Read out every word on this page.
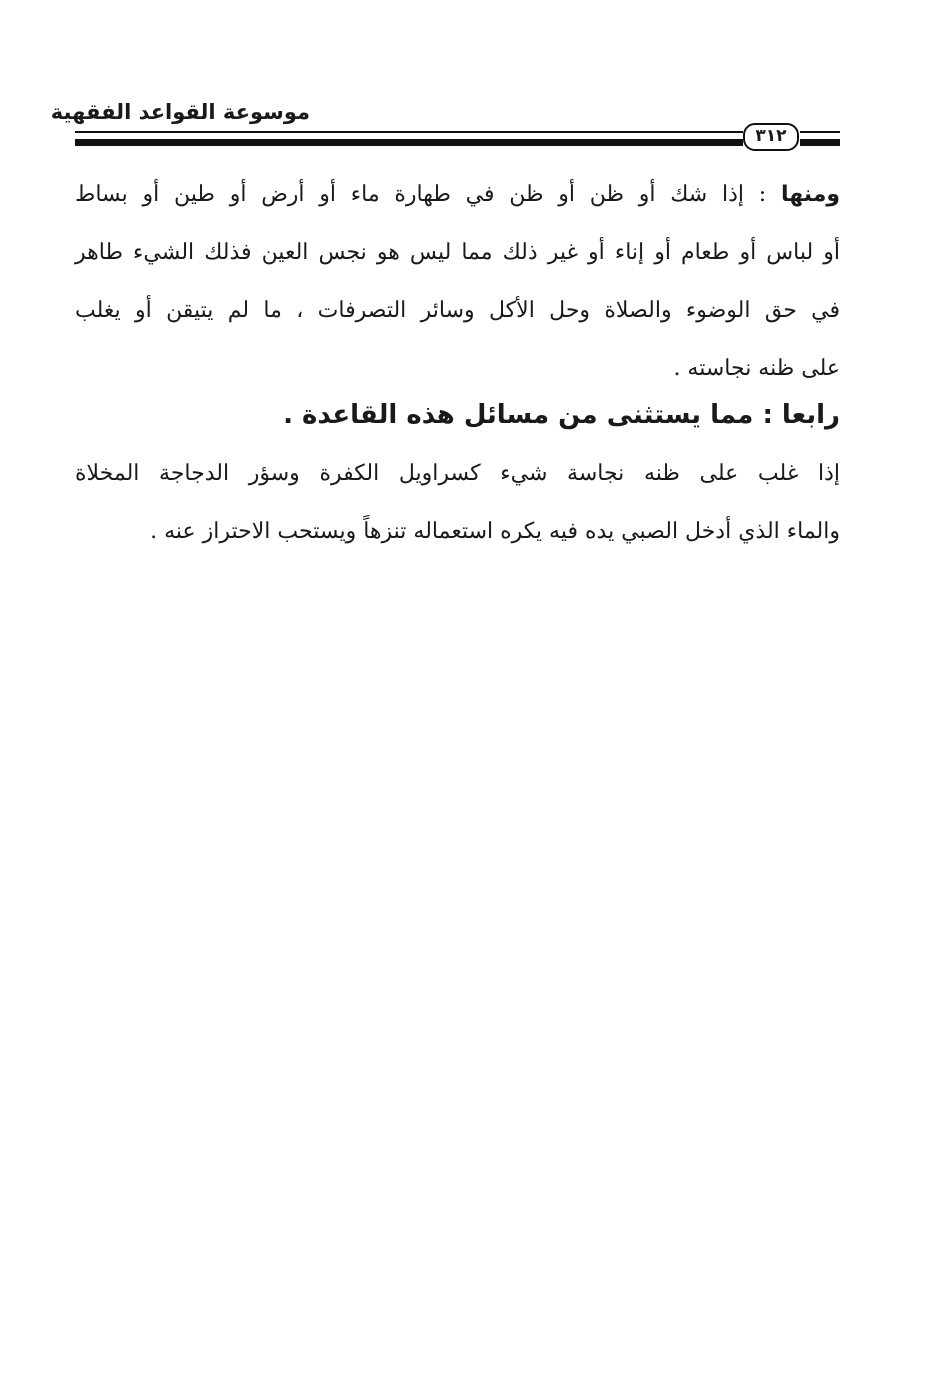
موسوعة القواعد الفقهية
٣١٢
ومنها : إذا شك أو ظن أو ظن في طهارة ماء أو أرض أو طين أو بساط
أو لباس أو طعام أو إناء أو غير ذلك مما ليس هو نجس العين فذلك الشيء طاهر
في حق الوضوء والصلاة وحل الأكل وسائر التصرفات ، ما لم يتيقن أو يغلب
على ظنه نجاسته .
رابعا : مما يستثنى من مسائل هذه القاعدة .
إذا غلب على ظنه نجاسة شيء كسراويل الكفرة وسؤر الدجاجة المخلاة
والماء الذي أدخل الصبي يده فيه يكره استعماله تنزهاً ويستحب الاحتراز عنه .
